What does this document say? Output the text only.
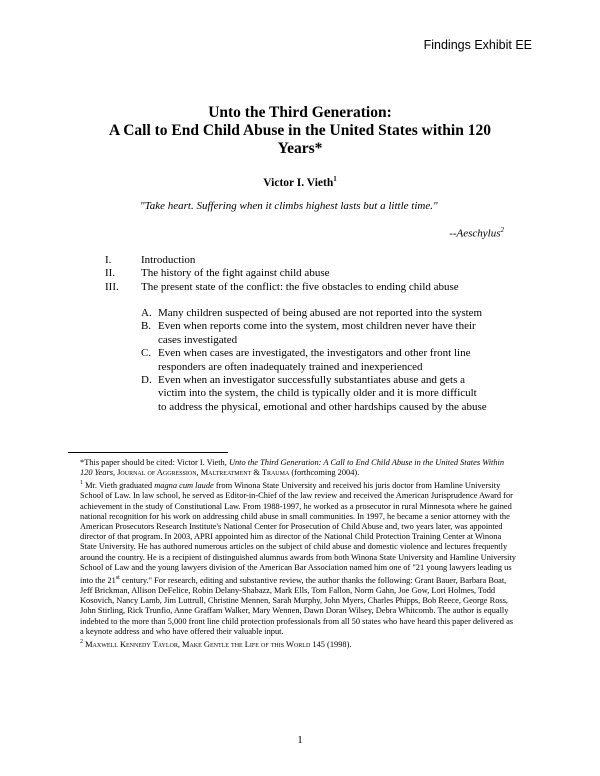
Findings Exhibit EE
Unto the Third Generation:
A Call to End Child Abuse in the United States within 120
Years*
Victor I. Vieth$^1$
"Take heart. Suffering when it climbs highest lasts but a little time."
--Aeschylus$^2$
I.	Introduction
II.	The history of the fight against child abuse
III.	The present state of the conflict: the five obstacles to ending child abuse
A. Many children suspected of being abused are not reported into the system
B. Even when reports come into the system, most children never have their
cases investigated
C. Even when cases are investigated, the investigators and other front line
responders are often inadequately trained and inexperienced
D. Even when an investigator successfully substantiates abuse and gets a
victim into the system, the child is typically older and it is more difficult
to address the physical, emotional and other hardships caused by the abuse

*This paper should be cited: Victor I. Vieth, Unto the Third Generation: A Call to End Child Abuse in the United States Within 120 Years, Journal of Aggression, Maltreatment & Trauma (forthcoming 2004).

$^1$ Mr. Vieth graduated magna cum laude from Winona State University and received his juris doctor from Hamline University School of Law. In law school, he served as Editor-in-Chief of the law review and received the American Jurisprudence Award for achievement in the study of Constitutional Law. From 1988-1997, he worked as a prosecutor in rural Minnesota where he gained national recognition for his work on addressing child abuse in small communities. In 1997, he became a senior attorney with the American Prosecutors Research Institute's National Center for Prosecution of Child Abuse and, two years later, was appointed director of that program. In 2003, APRI appointed him as director of the National Child Protection Training Center at Winona State University. He has authored numerous articles on the subject of child abuse and domestic violence and lectures frequently around the country. He is a recipient of distinguished alumnus awards from both Winona State University and Hamline University School of Law and the young lawyers division of the American Bar Association named him one of "21 young lawyers leading us into the 21st century." For research, editing and substantive review, the author thanks the following: Grant Bauer, Barbara Boat, Jeff Brickman, Allison DeFelice, Robin Delany-Shabazz, Mark Ells, Tom Fallon, Norm Gahn, Joe Gow, Lori Holmes, Todd Kosovich, Nancy Lamb, Jim Luttrull, Christine Mennen, Sarah Murphy, John Myers, Charles Phipps, Bob Reece, George Ross, John Stirling, Rick Trunfio, Anne Graffam Walker, Mary Wennen, Dawn Doran Wilsey, Debra Whitcomb. The author is equally indebted to the more than 5,000 front line child protection professionals from all 50 states who have heard this paper delivered as a keynote address and who have offered their valuable input.

$^2$ Maxwell Kennedy Taylor, Make Gentle the Life of this World 145 (1998).

1
